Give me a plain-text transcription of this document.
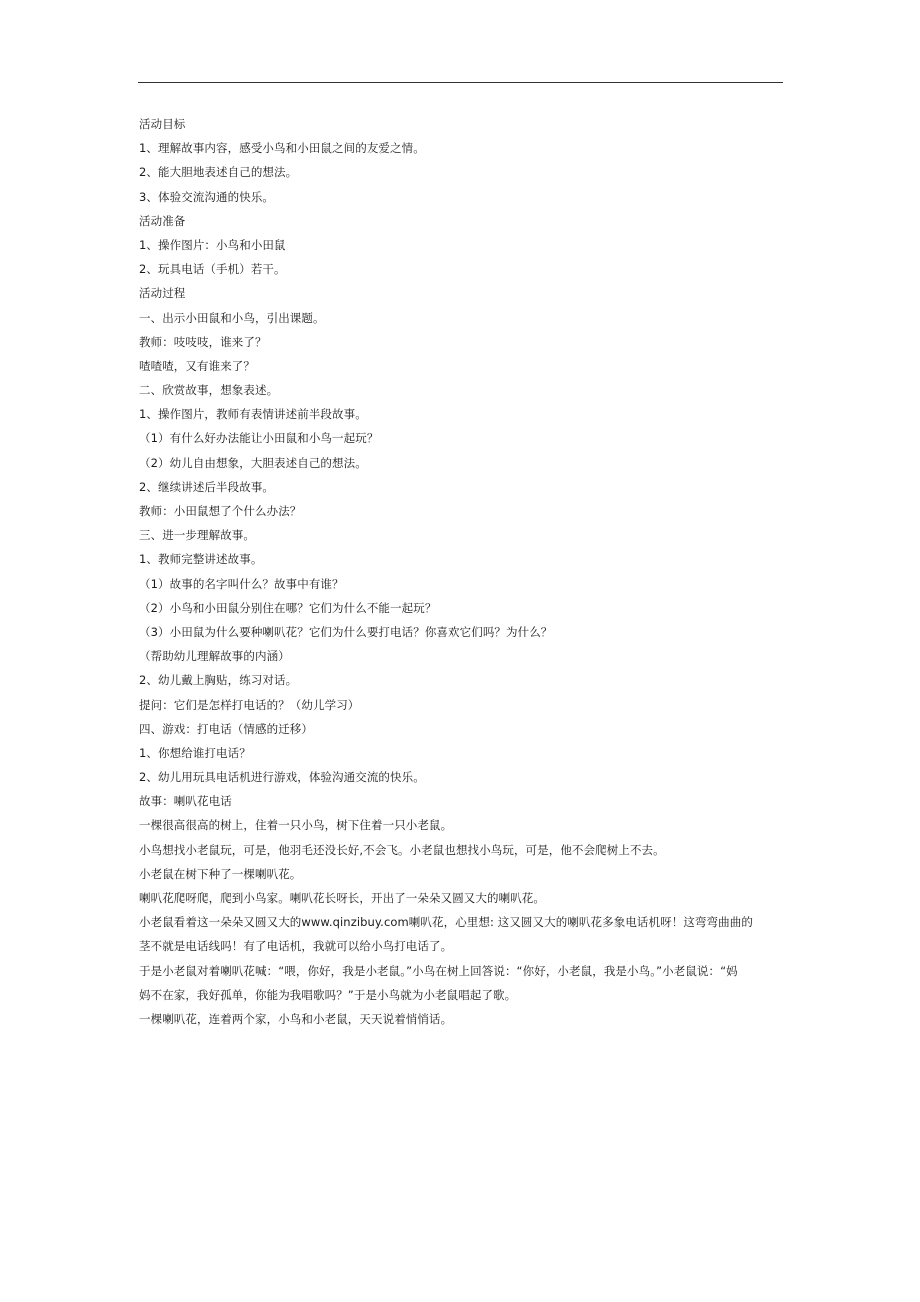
活动目标
1、理解故事内容，感受小鸟和小田鼠之间的友爱之情。
2、能大胆地表述自己的想法。
3、体验交流沟通的快乐。
活动准备
1、操作图片：小鸟和小田鼠
2、玩具电话（手机）若干。
活动过程
一、出示小田鼠和小鸟，引出课题。
教师：吱吱吱，谁来了？
喳喳喳，又有谁来了？
二、欣赏故事，想象表述。
1、操作图片，教师有表情讲述前半段故事。
（1）有什么好办法能让小田鼠和小鸟一起玩？
（2）幼儿自由想象，大胆表述自己的想法。
2、继续讲述后半段故事。
教师：小田鼠想了个什么办法？
三、进一步理解故事。
1、教师完整讲述故事。
（1）故事的名字叫什么？故事中有谁？
（2）小鸟和小田鼠分别住在哪？它们为什么不能一起玩？
（3）小田鼠为什么要种喇叭花？它们为什么要打电话？你喜欢它们吗？为什么？
（帮助幼儿理解故事的内涵）
2、幼儿戴上胸贴，练习对话。
提问：它们是怎样打电话的？（幼儿学习）
四、游戏：打电话（情感的迁移）
1、你想给谁打电话？
2、幼儿用玩具电话机进行游戏，体验沟通交流的快乐。
故事：喇叭花电话
一棵很高很高的树上，住着一只小鸟，树下住着一只小老鼠。
小鸟想找小老鼠玩，可是，他羽毛还没长好,不会飞。小老鼠也想找小鸟玩，可是，他不会爬树上不去。
小老鼠在树下种了一棵喇叭花。
喇叭花爬呀爬，爬到小鸟家。喇叭花长呀长，开出了一朵朵又圆又大的喇叭花。
小老鼠看着这一朵朵又圆又大的www.qinzibuy.com喇叭花，心里想: 这又圆又大的喇叭花多象电话机呀！这弯弯曲曲的
茎不就是电话线吗！有了电话机，我就可以给小鸟打电话了。
于是小老鼠对着喇叭花喊：“喂，你好，我是小老鼠。”小鸟在树上回答说：“你好，小老鼠，我是小鸟。”小老鼠说：“妈
妈不在家，我好孤单，你能为我唱歌吗？”于是小鸟就为小老鼠唱起了歌。
一棵喇叭花，连着两个家，小鸟和小老鼠，天天说着悄悄话。
